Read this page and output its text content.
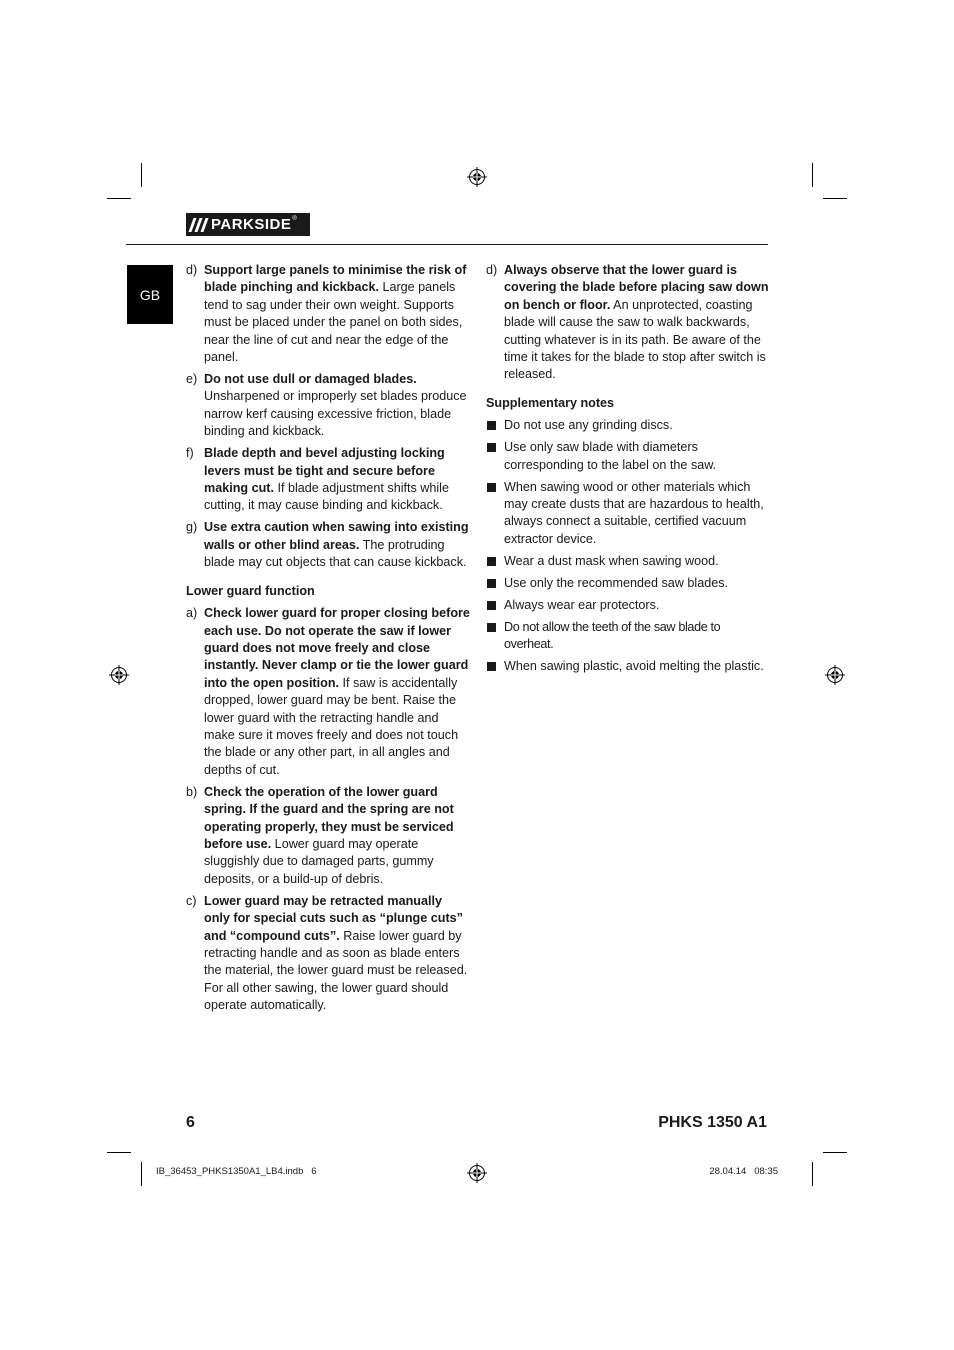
PARKSIDE ®
GB
d) Support large panels to minimise the risk of blade pinching and kickback. Large panels tend to sag under their own weight. Supports must be placed under the panel on both sides, near the line of cut and near the edge of the panel.
e) Do not use dull or damaged blades. Unsharpened or improperly set blades produce narrow kerf causing excessive friction, blade binding and kickback.
f) Blade depth and bevel adjusting locking levers must be tight and secure before making cut. If blade adjustment shifts while cutting, it may cause binding and kickback.
g) Use extra caution when sawing into existing walls or other blind areas. The protruding blade may cut objects that can cause kickback.
Lower guard function
a) Check lower guard for proper closing before each use. Do not operate the saw if lower guard does not move freely and close instantly. Never clamp or tie the lower guard into the open position. If saw is accidentally dropped, lower guard may be bent. Raise the lower guard with the retracting handle and make sure it moves freely and does not touch the blade or any other part, in all angles and depths of cut.
b) Check the operation of the lower guard spring. If the guard and the spring are not operating properly, they must be serviced before use. Lower guard may operate sluggishly due to damaged parts, gummy deposits, or a build-up of debris.
c) Lower guard may be retracted manually only for special cuts such as “plunge cuts” and “compound cuts”. Raise lower guard by retracting handle and as soon as blade enters the material, the lower guard must be released. For all other sawing, the lower guard should operate automatically.
d) Always observe that the lower guard is covering the blade before placing saw down on bench or floor. An unprotected, coasting blade will cause the saw to walk backwards, cutting whatever is in its path. Be aware of the time it takes for the blade to stop after switch is released.
Supplementary notes
Do not use any grinding discs.
Use only saw blade with diameters corresponding to the label on the saw.
When sawing wood or other materials which may create dusts that are hazardous to health, always connect a suitable, certified vacuum extractor device.
Wear a dust mask when sawing wood.
Use only the recommended saw blades.
Always wear ear protectors.
Do not allow the teeth of the saw blade to overheat.
When sawing plastic, avoid melting the plastic.
6	PHKS 1350 A1
IB_36453_PHKS1350A1_LB4.indb   6	28.04.14   08:35
